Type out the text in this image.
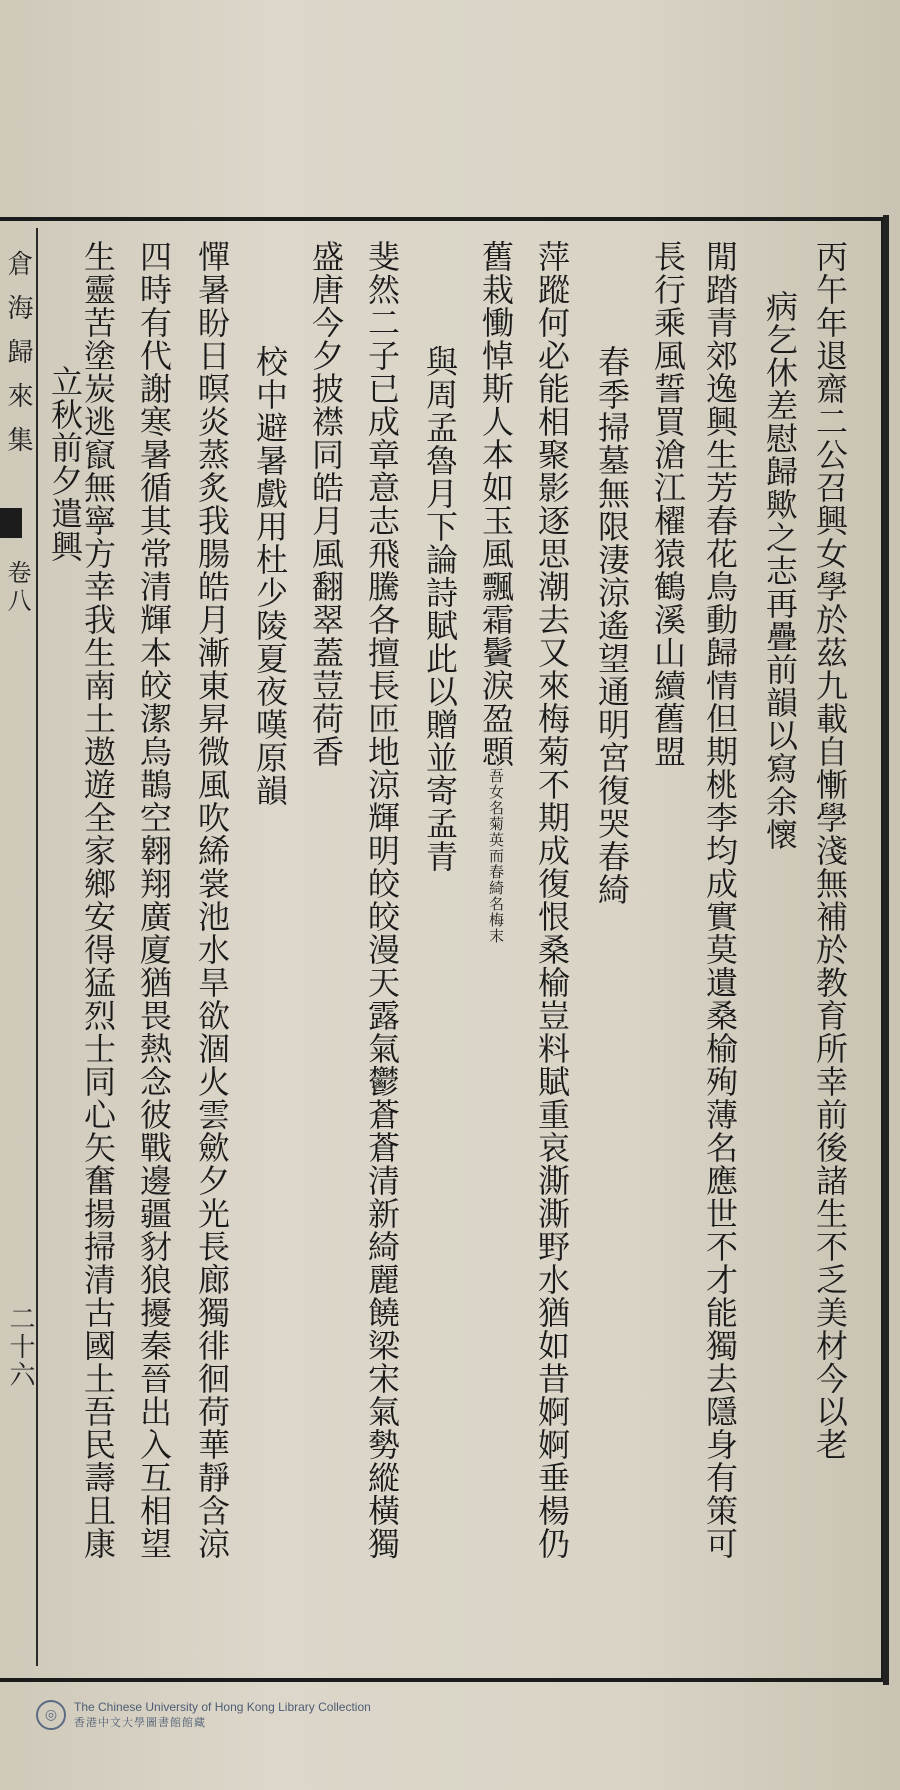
倉海歸來集
卷八
二十六	丙午年退齋二公召興女學於茲九載自慚學淺無補於教育所幸前後諸生不乏美材今以老
病乞休差慰歸歟之志再疊前韻以寫余懷
閒踏青郊逸興生芳春花鳥動歸情但期桃李均成實莫遺桑榆殉薄名應世不才能獨去隱身有策可
長行乘風誓買滄江櫂猿鶴溪山續舊盟
春季掃墓無限淒涼遙望通明宮復哭春綺
萍蹤何必能相聚影逐思潮去又來梅菊不期成復恨桑榆豈料賦重哀澌澌野水猶如昔婀婀垂楊仍
舊栽慟悼斯人本如玉風飄霜鬢淚盈顋吾女名菊英而春綺名梅末
與周孟魯月下論詩賦此以贈並寄孟青
斐然二子已成章意志飛騰各擅長匝地涼輝明皎皎漫天露氣鬱蒼蒼清新綺麗饒梁宋氣勢縱橫獨
盛唐今夕披襟同皓月風翻翠蓋荳荷香
校中避暑戲用杜少陵夏夜嘆原韻
憚暑盼日暝炎蒸炙我腸皓月漸東昇微風吹絺裳池水旱欲涸火雲歛夕光長廊獨徘徊荷華靜含涼
四時有代謝寒暑循其常清輝本皎潔烏鵲空翱翔廣廈猶畏熱念彼戰邊疆豺狼擾秦晉出入互相望
生靈苦塗炭逃竄無寧方幸我生南土遨遊全家鄉安得猛烈士同心矢奮揚掃清古國土吾民壽且康
立秋前夕遣興
◎	The Chinese University of Hong Kong Library Collection
香港中文大學圖書館館藏
